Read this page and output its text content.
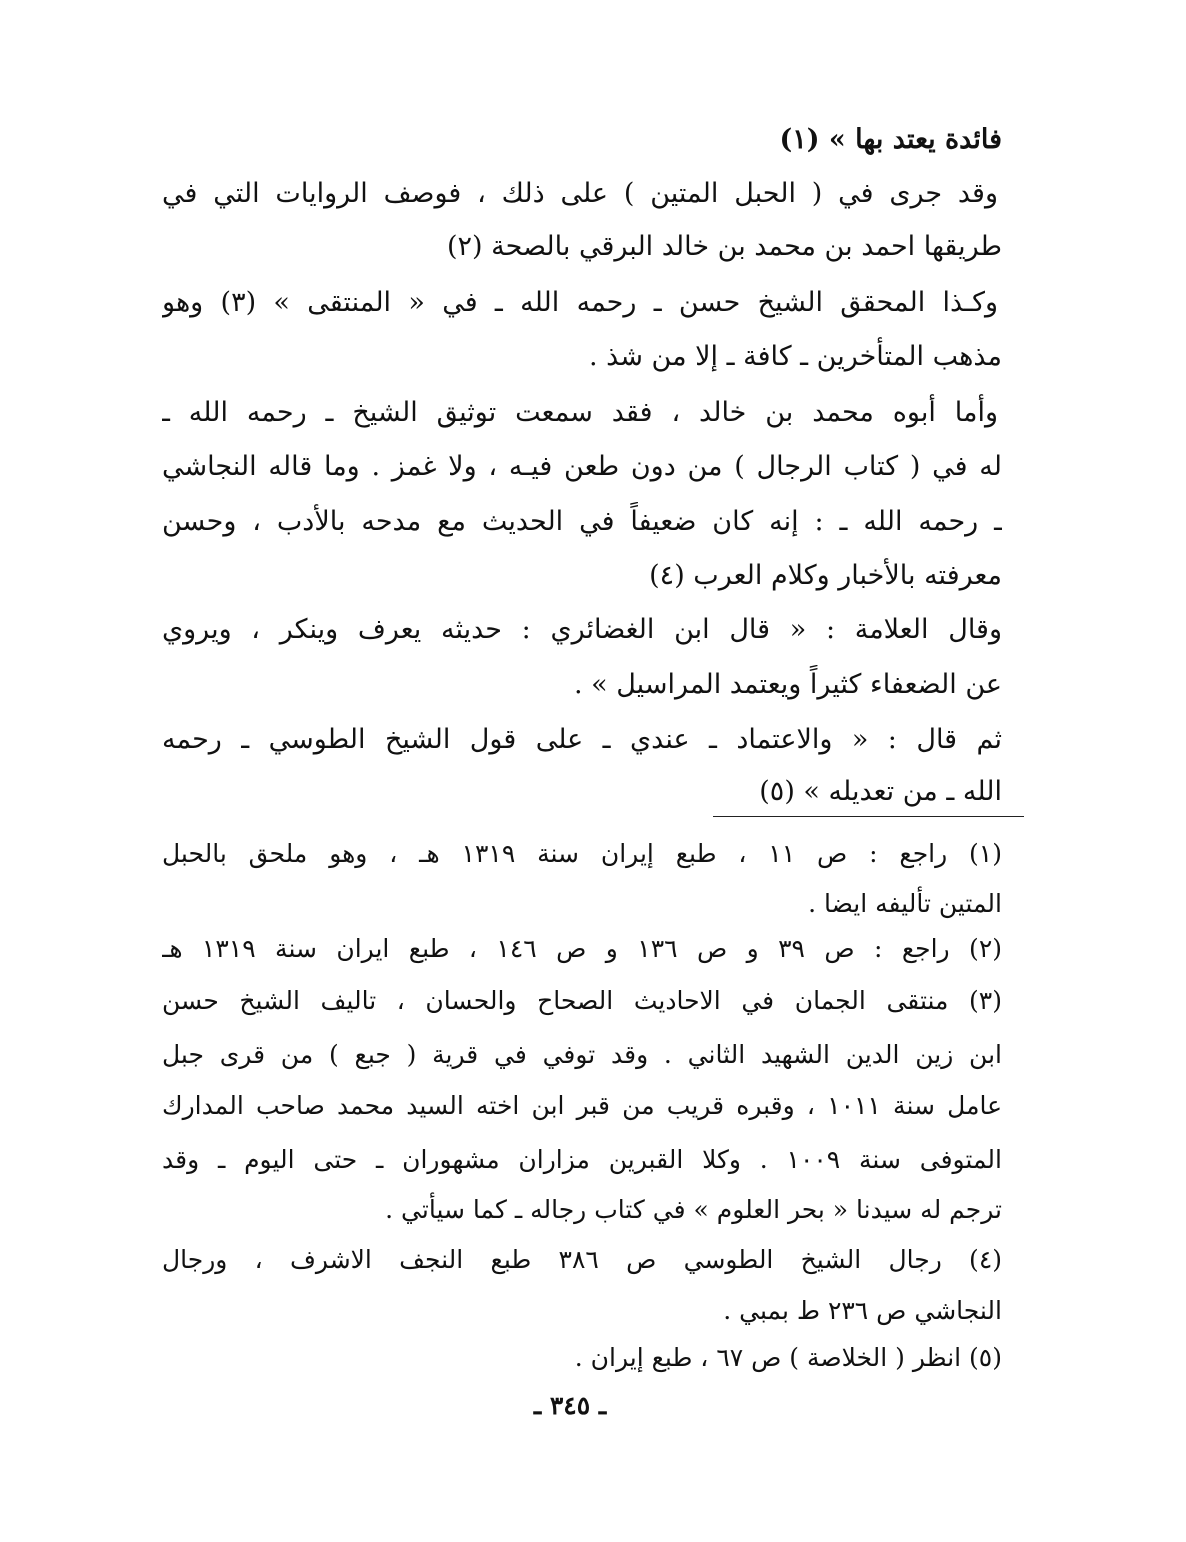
فائدة يعتد بها » (١)
وقد جرى في ( الحبل المتين ) على ذلك ، فوصف الروايات التي في
طريقها احمد بن محمد بن خالد البرقي بالصحة (٢)
وكـذا المحقق الشيخ حسن ـ رحمه الله ـ في « المنتقى » (٣) وهو
مذهب المتأخرين ـ كافة ـ إلا من شذ .
وأما أبوه محمد بن خالد ، فقد سمعت توثيق الشيخ ـ رحمه الله ـ
له في ( كتاب الرجال ) من دون طعن فيـه ، ولا غمز . وما قاله النجاشي
ـ رحمه الله ـ : إنه كان ضعيفاً في الحديث مع مدحه بالأدب ، وحسن
معرفته بالأخبار وكلام العرب (٤)
وقال العلامة : « قال ابن الغضائري : حديثه يعرف وينكر ، ويروي
عن الضعفاء كثيراً ويعتمد المراسيل » .
ثم قال : « والاعتماد ـ عندي ـ على قول الشيخ الطوسي ـ رحمه
الله ـ من تعديله » (٥)
(١) راجع : ص ١١ ، طبع إيران سنة ١٣١٩ هـ ، وهو ملحق بالحبل
المتين تأليفه ايضا .
(٢) راجع : ص ٣٩ و ص ١٣٦ و ص ١٤٦ ، طبع ايران سنة ١٣١٩ هـ
(٣) منتقى الجمان في الاحاديث الصحاح والحسان ، تاليف الشيخ حسن
ابن زين الدين الشهيد الثاني . وقد توفي في قرية ( جبع ) من قرى جبل
عامل سنة ١٠١١ ، وقبره قريب من قبر ابن اخته السيد محمد صاحب المدارك
المتوفى سنة ١٠٠٩ . وكلا القبرين مزاران مشهوران ـ حتى اليوم ـ وقد
ترجم له سيدنا « بحر العلوم » في كتاب رجاله ـ كما سيأتي .
(٤) رجال الشيخ الطوسي ص ٣٨٦ طبع النجف الاشرف ، ورجال
النجاشي ص ٢٣٦ ط بمبي .
(٥) انظر ( الخلاصة ) ص ٦٧ ، طبع إيران .
ـ ٣٤٥ ـ
